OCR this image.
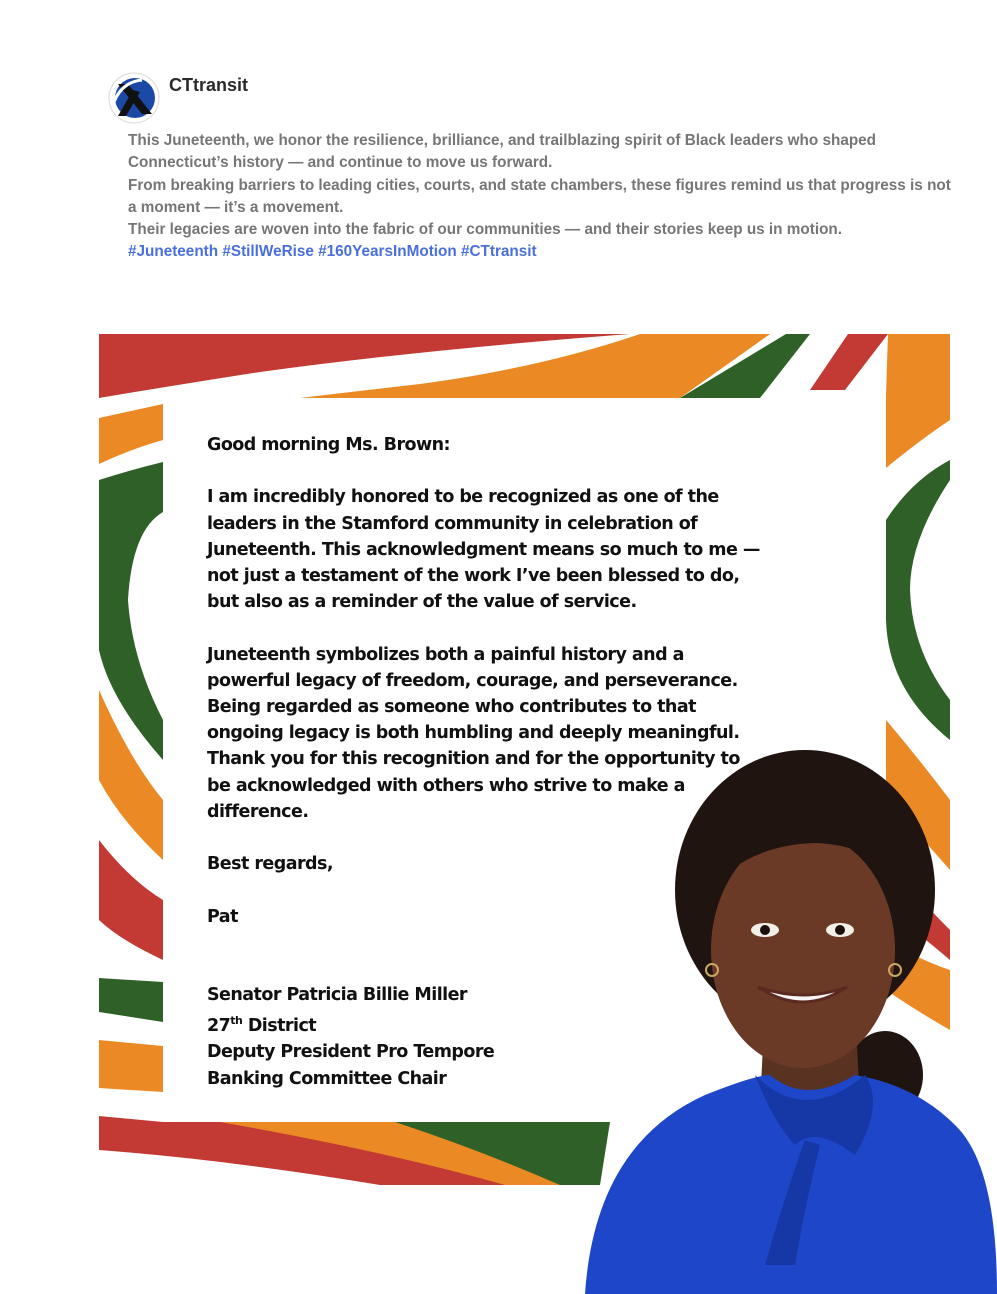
CTtransit

This Juneteenth, we honor the resilience, brilliance, and trailblazing spirit of Black leaders who shaped Connecticut’s history — and continue to move us forward.

From breaking barriers to leading cities, courts, and state chambers, these figures remind us that progress is not a moment — it’s a movement.

Their legacies are woven into the fabric of our communities — and their stories keep us in motion.

#Juneteenth #StillWeRise #160YearsInMotion #CTtransit

Good morning Ms. Brown:
I am incredibly honored to be recognized as one of the leaders in the Stamford community in celebration of Juneteenth. This acknowledgment means so much to me —not just a testament of the work I’ve been blessed to do, but also as a reminder of the value of service.
Juneteenth symbolizes both a painful history and a powerful legacy of freedom, courage, and perseverance. Being regarded as someone who contributes to that ongoing legacy is both humbling and deeply meaningful. Thank you for this recognition and for the opportunity to be acknowledged with others who strive to make a difference.
Best regards,
Pat
Senator Patricia Billie Miller
27th District
Deputy President Pro Tempore
Banking Committee Chair
